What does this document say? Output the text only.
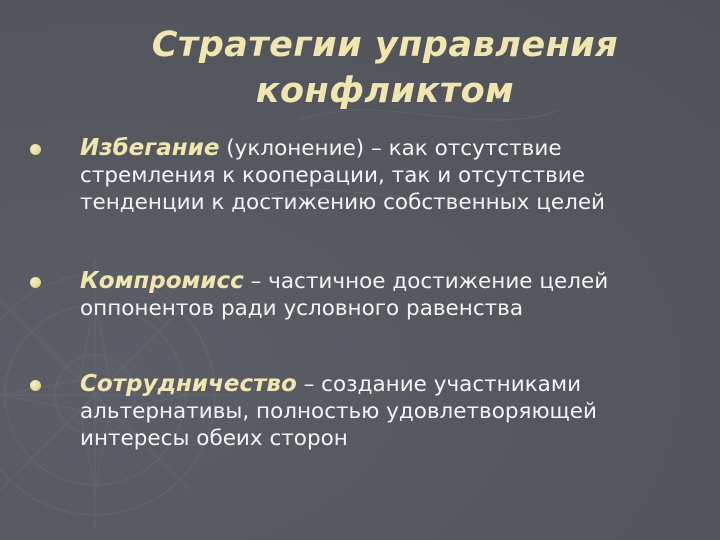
Стратегии управления
конфликтом
Избегание (уклонение) – как отсутствие стремления к кооперации, так и отсутствие тенденции к достижению собственных целей
Компромисс – частичное достижение целей оппонентов ради условного равенства
Сотрудничество – создание участниками альтернативы, полностью удовлетворяющей интересы обеих сторон
